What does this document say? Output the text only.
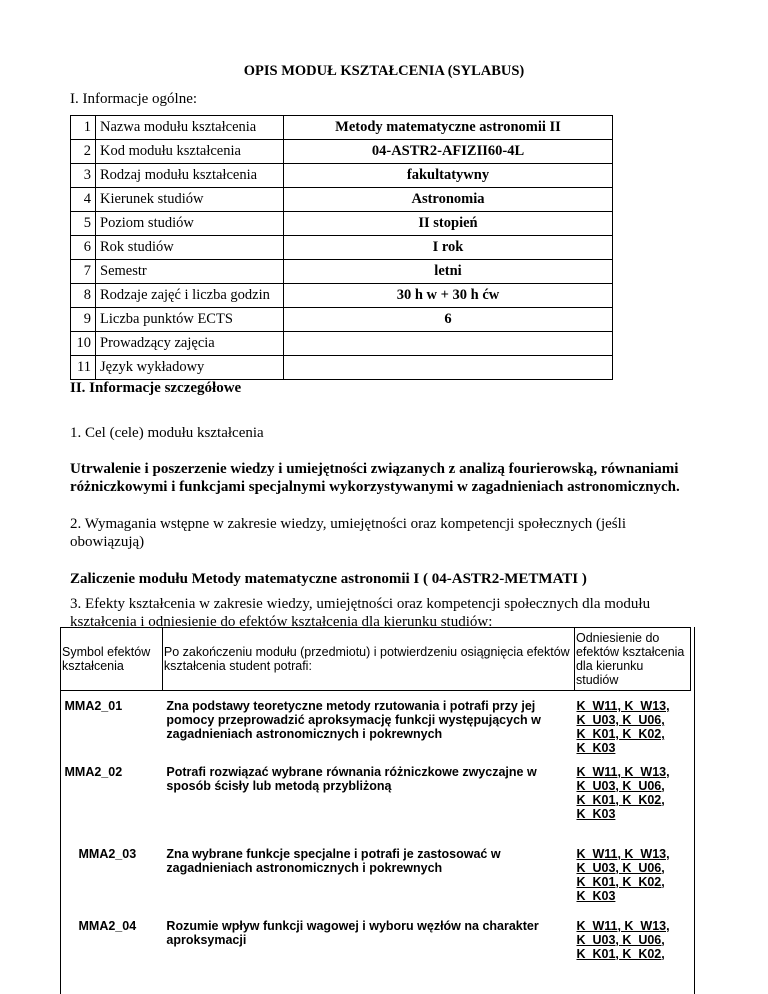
OPIS MODUŁ KSZTAŁCENIA (SYLABUS)
I. Informacje ogólne:
1	Nazwa modułu kształcenia	Metody matematyczne astronomii II
2	Kod modułu kształcenia	04-ASTR2-AFIZII60-4L
3	Rodzaj modułu kształcenia	fakultatywny
4	Kierunek studiów	Astronomia
5	Poziom studiów	II stopień
6	Rok studiów	I rok
7	Semestr	letni
8	Rodzaje zajęć i liczba godzin	30 h w + 30 h ćw
9	Liczba punktów ECTS	6
10	Prowadzący zajęcia	
11	Język wykładowy	
II. Informacje szczegółowe
1. Cel (cele) modułu kształcenia
Utrwalenie i poszerzenie wiedzy i umiejętności związanych z analizą fourierowską, równaniami różniczkowymi i funkcjami specjalnymi wykorzystywanymi w zagadnieniach astronomicznych.
2. Wymagania wstępne w zakresie wiedzy, umiejętności oraz kompetencji społecznych (jeśli obowiązują)
Zaliczenie modułu Metody matematyczne astronomii I ( 04-ASTR2-METMATI )
3. Efekty kształcenia w zakresie wiedzy, umiejętności oraz kompetencji społecznych dla modułu kształcenia i odniesienie do efektów kształcenia dla kierunku studiów:
Symbol efektów kształcenia	Po zakończeniu modułu (przedmiotu) i potwierdzeniu osiągnięcia efektów kształcenia student potrafi:	Odniesienie do efektów kształcenia dla kierunku studiów
MMA2_01	Zna podstawy teoretyczne metody rzutowania i potrafi przy jej pomocy przeprowadzić aproksymację funkcji występujących w zagadnieniach astronomicznych i pokrewnych	K_W11, K_W13, K_U03, K_U06, K_K01, K_K02, K_K03
MMA2_02	Potrafi rozwiązać wybrane równania różniczkowe zwyczajne w sposób ścisły lub metodą przybliżoną	K_W11, K_W13, K_U03, K_U06, K_K01, K_K02, K_K03
MMA2_03	Zna wybrane funkcje specjalne i potrafi je zastosować w zagadnieniach astronomicznych i pokrewnych	K_W11, K_W13, K_U03, K_U06, K_K01, K_K02, K_K03
MMA2_04	Rozumie wpływ funkcji wagowej i wyboru węzłów na charakter aproksymacji	K_W11, K_W13, K_U03, K_U06, K_K01, K_K02,
